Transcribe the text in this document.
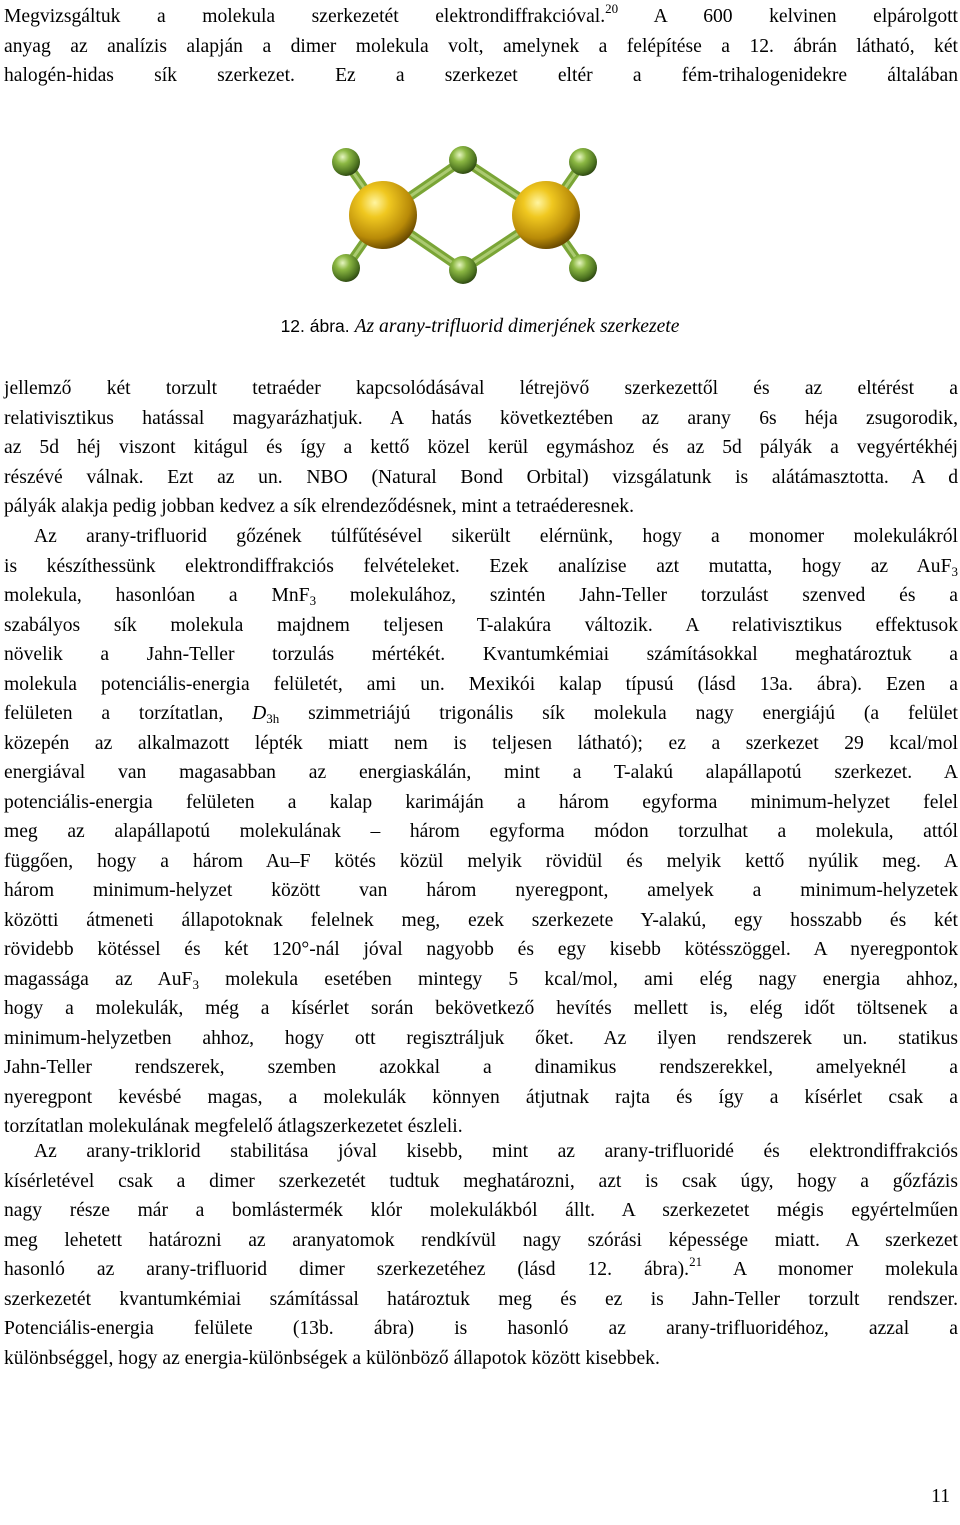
Megvizsgáltuk a molekula szerkezetét elektrondiffrakcióval.$^{20}$ A 600 kelvinen elpárolgott
anyag az analízis alapján a dimer molekula volt, amelynek a felépítése a 12. ábrán látható, két
halogén-hidas sík szerkezet. Ez a szerkezet eltér a fém-trihalogenidekre általában
12. ábra. Az arany-trifluorid dimerjének szerkezete
jellemző két torzult tetraéder kapcsolódásával létrejövő szerkezettől és az eltérést a
relativisztikus hatással magyarázhatjuk. A hatás következtében az arany 6s héja zsugorodik,
az 5d héj viszont kitágul és így a kettő közel kerül egymáshoz és az 5d pályák a vegyértékhéj
részévé válnak. Ezt az un. NBO (Natural Bond Orbital) vizsgálatunk is alátámasztotta. A d
pályák alakja pedig jobban kedvez a sík elrendeződésnek, mint a tetraéderesnek.
Az arany-trifluorid gőzének túlfűtésével sikerült elérnünk, hogy a monomer molekulákról
is készíthessünk elektrondiffrakciós felvételeket. Ezek analízise azt mutatta, hogy az AuF$_3$
molekula, hasonlóan a MnF$_3$ molekulához, szintén Jahn-Teller torzulást szenved és a
szabályos sík molekula majdnem teljesen T-alakúra változik. A relativisztikus effektusok
növelik a Jahn-Teller torzulás mértékét. Kvantumkémiai számításokkal meghatároztuk a
molekula potenciális-energia felületét, ami un. Mexikói kalap típusú (lásd 13a. ábra). Ezen a
felületen a torzítatlan, $D_{3h}$ szimmetriájú trigonális sík molekula nagy energiájú (a felület
közepén az alkalmazott lépték miatt nem is teljesen látható); ez a szerkezet 29 kcal/mol
energiával van magasabban az energiaskálán, mint a T-alakú alapállapotú szerkezet. A
potenciális-energia felületen a kalap karimáján a három egyforma minimum-helyzet felel
meg az alapállapotú molekulának – három egyforma módon torzulhat a molekula, attól
függően, hogy a három Au–F kötés közül melyik rövidül és melyik kettő nyúlik meg. A
három minimum-helyzet között van három nyeregpont, amelyek a minimum-helyzetek
közötti átmeneti állapotoknak felelnek meg, ezek szerkezete Y-alakú, egy hosszabb és két
rövidebb kötéssel és két 120°-nál jóval nagyobb és egy kisebb kötésszöggel. A nyeregpontok
magassága az AuF$_3$ molekula esetében mintegy 5 kcal/mol, ami elég nagy energia ahhoz,
hogy a molekulák, még a kísérlet során bekövetkező hevítés mellett is, elég időt töltsenek a
minimum-helyzetben ahhoz, hogy ott regisztráljuk őket. Az ilyen rendszerek un. statikus
Jahn-Teller rendszerek, szemben azokkal a dinamikus rendszerekkel, amelyeknél a
nyeregpont kevésbé magas, a molekulák könnyen átjutnak rajta és így a kísérlet csak a
torzítatlan molekulának megfelelő átlagszerkezetet észleli.
Az arany-triklorid stabilitása jóval kisebb, mint az arany-trifluoridé és elektrondiffrakciós
kísérletével csak a dimer szerkezetét tudtuk meghatározni, azt is csak úgy, hogy a gőzfázis
nagy része már a bomlástermék klór molekulákból állt. A szerkezetet mégis egyértelműen
meg lehetett határozni az aranyatomok rendkívül nagy szórási képessége miatt. A szerkezet
hasonló az arany-trifluorid dimer szerkezetéhez (lásd 12. ábra).$^{21}$ A monomer molekula
szerkezetét kvantumkémiai számítással határoztuk meg és ez is Jahn-Teller torzult rendszer.
Potenciális-energia felülete (13b. ábra) is hasonló az arany-trifluoridéhoz, azzal a
különbséggel, hogy az energia-különbségek a különböző állapotok között kisebbek.
11
